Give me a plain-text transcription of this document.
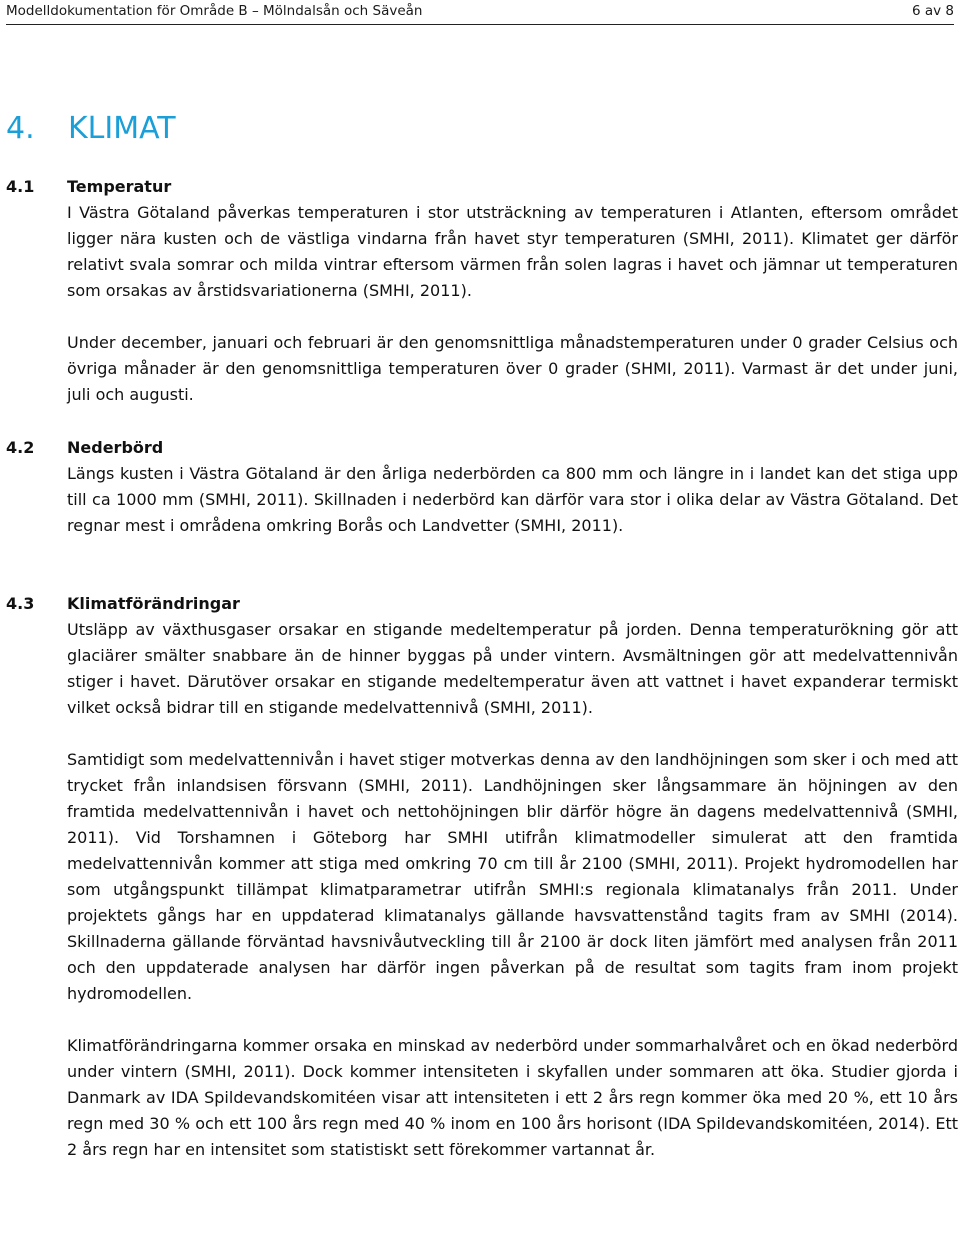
Modelldokumentation för Område B – Mölndalsån och Säveån	6 av 8
4. KLIMAT
4.1 Temperatur

I Västra Götaland påverkas temperaturen i stor utsträckning av temperaturen i Atlanten, eftersom området ligger nära kusten och de västliga vindarna från havet styr temperaturen (SMHI, 2011). Klimatet ger därför relativt svala somrar och milda vintrar eftersom värmen från solen lagras i havet och jämnar ut temperaturen som orsakas av årstidsvariationerna (SMHI, 2011).

Under december, januari och februari är den genomsnittliga månadstemperaturen under 0 grader Celsius och övriga månader är den genomsnittliga temperaturen över 0 grader (SHMI, 2011). Varmast är det under juni, juli och augusti.

4.2 Nederbörd

Längs kusten i Västra Götaland är den årliga nederbörden ca 800 mm och längre in i landet kan det stiga upp till ca 1000 mm (SMHI, 2011). Skillnaden i nederbörd kan därför vara stor i olika delar av Västra Götaland. Det regnar mest i områdena omkring Borås och Landvetter (SMHI, 2011).

4.3 Klimatförändringar

Utsläpp av växthusgaser orsakar en stigande medeltemperatur på jorden. Denna temperaturökning gör att glaciärer smälter snabbare än de hinner byggas på under vintern. Avsmältningen gör att medelvattennivån stiger i havet. Därutöver orsakar en stigande medeltemperatur även att vattnet i havet expanderar termiskt vilket också bidrar till en stigande medelvattennivå (SMHI, 2011).

Samtidigt som medelvattennivån i havet stiger motverkas denna av den landhöjningen som sker i och med att trycket från inlandsisen försvann (SMHI, 2011). Landhöjningen sker långsammare än höjningen av den framtida medelvattennivån i havet och nettohöjningen blir därför högre än dagens medelvattennivå (SMHI, 2011). Vid Torshamnen i Göteborg har SMHI utifrån klimatmodeller simulerat att den framtida medelvattennivån kommer att stiga med omkring 70 cm till år 2100 (SMHI, 2011). Projekt hydromodellen har som utgångspunkt tillämpat klimatparametrar utifrån SMHI:s regionala klimatanalys från 2011. Under projektets gångs har en uppdaterad klimatanalys gällande havsvattenstånd tagits fram av SMHI (2014). Skillnaderna gällande förväntad havsnivåutveckling till år 2100 är dock liten jämfört med analysen från 2011 och den uppdaterade analysen har därför ingen påverkan på de resultat som tagits fram inom projekt hydromodellen.

Klimatförändringarna kommer orsaka en minskad av nederbörd under sommarhalvåret och en ökad nederbörd under vintern (SMHI, 2011). Dock kommer intensiteten i skyfallen under sommaren att öka. Studier gjorda i Danmark av IDA Spildevandskomitéen visar att intensiteten i ett 2 års regn kommer öka med 20 %, ett 10 års regn med 30 % och ett 100 års regn med 40 % inom en 100 års horisont (IDA Spildevandskomitéen, 2014). Ett 2 års regn har en intensitet som statistiskt sett förekommer vartannat år.
